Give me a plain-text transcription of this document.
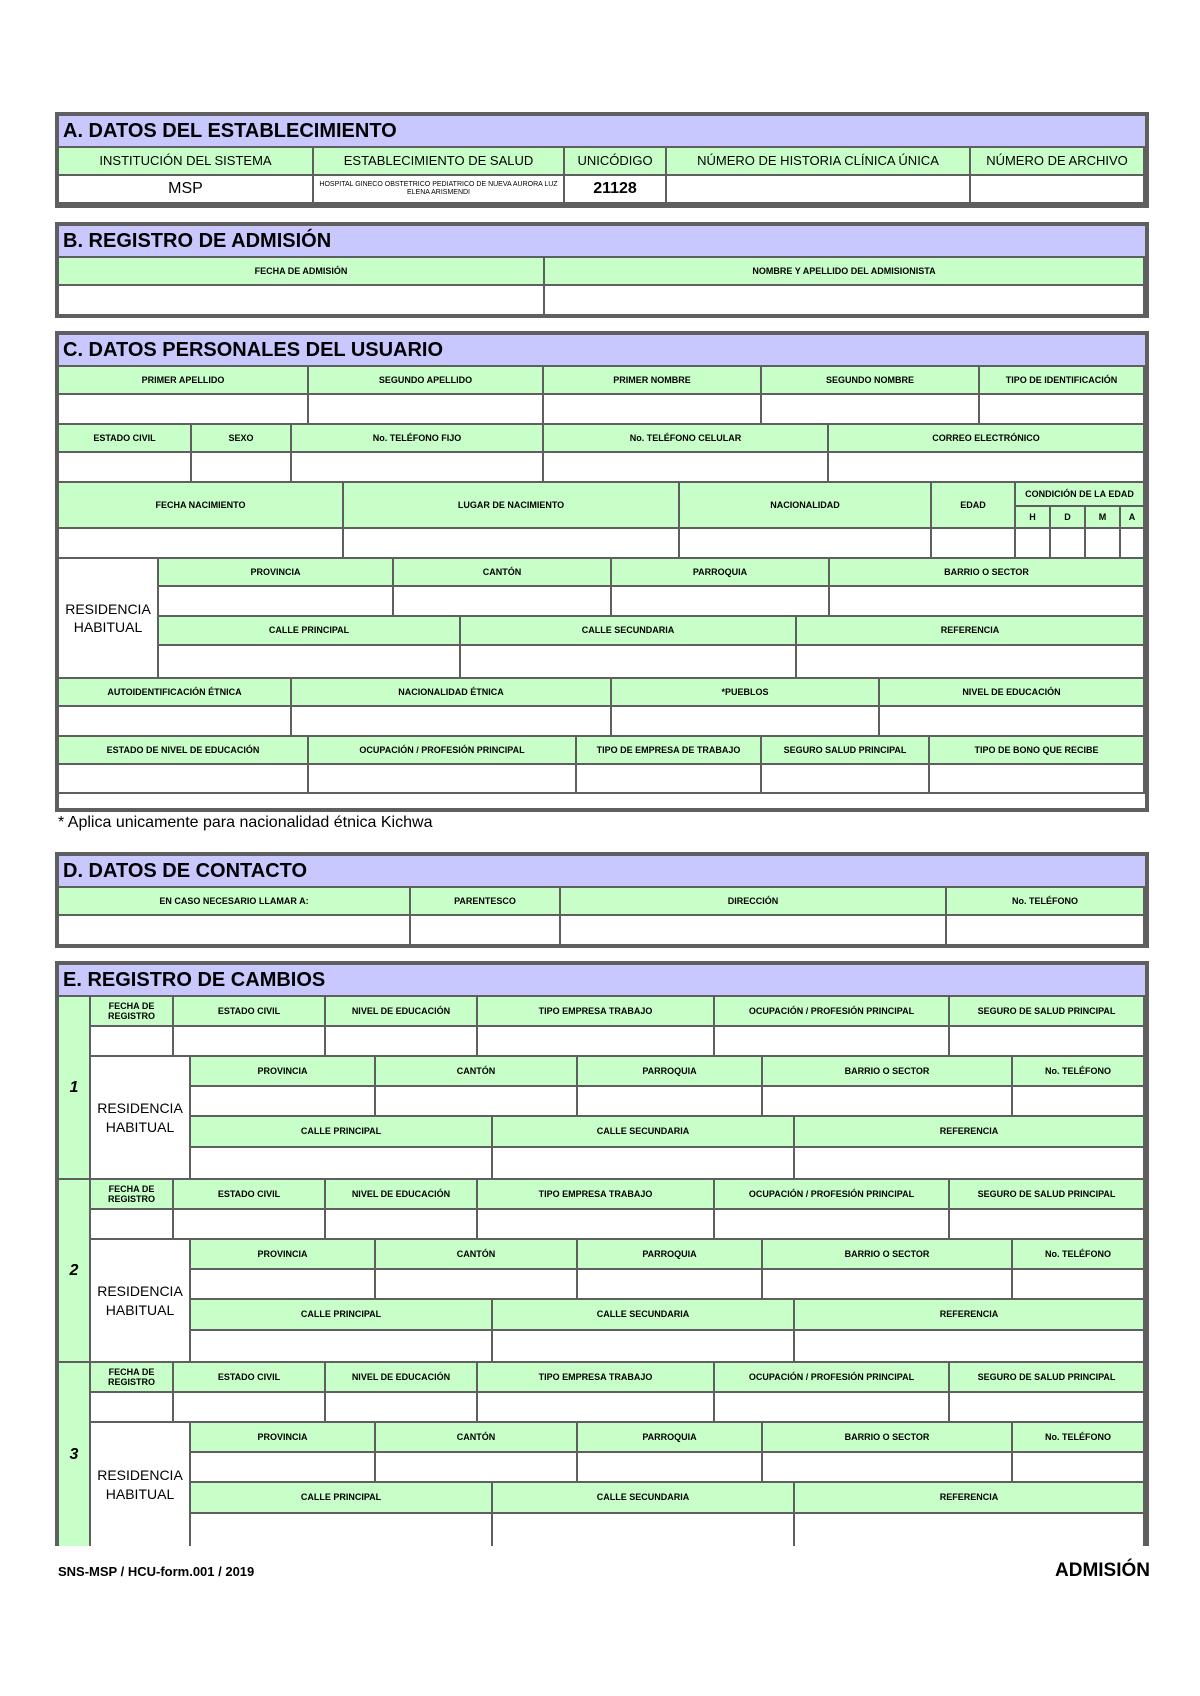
A. DATOS DEL ESTABLECIMIENTO
INSTITUCIÓN DEL SISTEMA	ESTABLECIMIENTO DE SALUD	UNICÓDIGO	NÚMERO DE HISTORIA CLÍNICA ÚNICA	NÚMERO DE ARCHIVO
MSP	HOSPITAL GINECO OBSTETRICO PEDIATRICO DE NUEVA AURORA LUZ ELENA ARISMENDI	21128
B. REGISTRO DE ADMISIÓN
FECHA DE ADMISIÓN	NOMBRE Y APELLIDO DEL ADMISIONISTA
C. DATOS PERSONALES DEL USUARIO
PRIMER APELLIDO	SEGUNDO APELLIDO	PRIMER NOMBRE	SEGUNDO NOMBRE	TIPO DE IDENTIFICACIÓN
ESTADO CIVIL	SEXO	No. TELÉFONO FIJO	No. TELÉFONO CELULAR	CORREO ELECTRÓNICO
FECHA NACIMIENTO	LUGAR DE NACIMIENTO	NACIONALIDAD	EDAD
CONDICIÓN DE LA EDAD
H	D	M	A
RESIDENCIA HABITUAL
PROVINCIA	CANTÓN	PARROQUIA	BARRIO O SECTOR
CALLE PRINCIPAL	CALLE SECUNDARIA	REFERENCIA
AUTOIDENTIFICACIÓN ÉTNICA	NACIONALIDAD ÉTNICA	*PUEBLOS	NIVEL DE EDUCACIÓN
ESTADO DE NIVEL DE EDUCACIÓN	OCUPACIÓN / PROFESIÓN PRINCIPAL	TIPO DE EMPRESA DE TRABAJO	SEGURO SALUD PRINCIPAL	TIPO DE BONO QUE RECIBE
* Aplica unicamente para nacionalidad étnica Kichwa
D. DATOS DE CONTACTO
EN CASO NECESARIO LLAMAR A:	PARENTESCO	DIRECCIÓN	No. TELÉFONO
E. REGISTRO DE CAMBIOS
1
FECHA DE REGISTRO
ESTADO CIVIL	NIVEL DE EDUCACIÓN	TIPO EMPRESA TRABAJO	OCUPACIÓN / PROFESIÓN PRINCIPAL	SEGURO DE SALUD PRINCIPAL
RESIDENCIA HABITUAL
PROVINCIA	CANTÓN	PARROQUIA	BARRIO O SECTOR	No. TELÉFONO
CALLE PRINCIPAL	CALLE SECUNDARIA	REFERENCIA
2
FECHA DE REGISTRO
ESTADO CIVIL	NIVEL DE EDUCACIÓN	TIPO EMPRESA TRABAJO	OCUPACIÓN / PROFESIÓN PRINCIPAL	SEGURO DE SALUD PRINCIPAL
RESIDENCIA HABITUAL
PROVINCIA	CANTÓN	PARROQUIA	BARRIO O SECTOR	No. TELÉFONO
CALLE PRINCIPAL	CALLE SECUNDARIA	REFERENCIA
3
FECHA DE REGISTRO
ESTADO CIVIL	NIVEL DE EDUCACIÓN	TIPO EMPRESA TRABAJO	OCUPACIÓN / PROFESIÓN PRINCIPAL	SEGURO DE SALUD PRINCIPAL
RESIDENCIA HABITUAL
PROVINCIA	CANTÓN	PARROQUIA	BARRIO O SECTOR	No. TELÉFONO
CALLE PRINCIPAL	CALLE SECUNDARIA	REFERENCIA
SNS-MSP / HCU-form.001 / 2019	ADMISIÓN
